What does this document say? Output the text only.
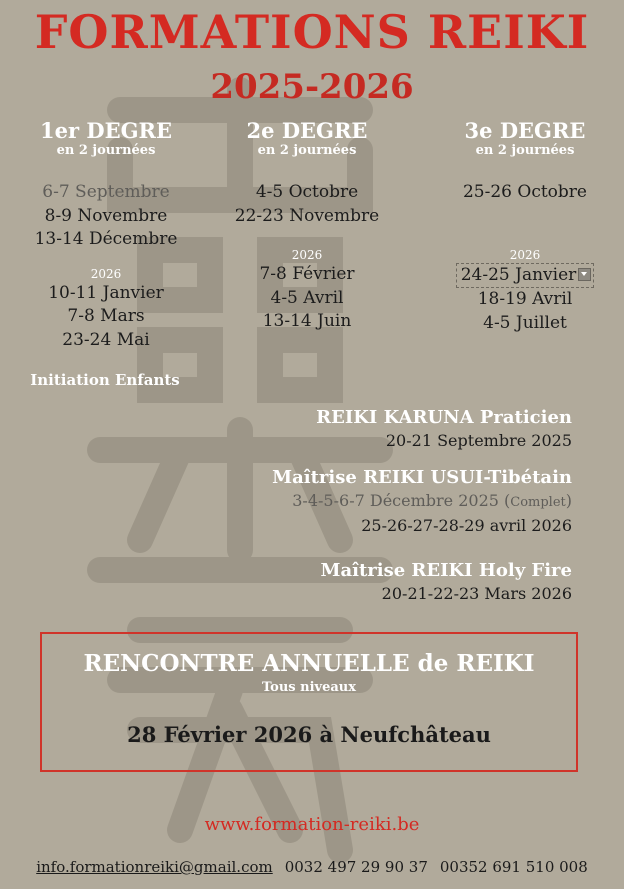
FORMATIONS REIKI
2025-2026
1er DEGRE
en 2 journées
6-7 Septembre
8-9 Novembre
13-14 Décembre
2026
10-11 Janvier
7-8 Mars
23-24 Mai
Initiation Enfants
2e DEGRE
en 2 journées
4-5 Octobre
22-23 Novembre
2026
7-8 Février
4-5 Avril
13-14 Juin
3e DEGRE
en 2 journées
25-26 Octobre
2026
24-25 Janvier
18-19 Avril
4-5 Juillet
REIKI KARUNA Praticien
20-21 Septembre 2025
Maîtrise REIKI USUI-Tibétain
3-4-5-6-7 Décembre 2025 (Complet)
25-26-27-28-29 avril 2026
Maîtrise REIKI Holy Fire
20-21-22-23 Mars 2026
RENCONTRE ANNUELLE de REIKI
Tous niveaux
28 Février 2026 à Neufchâteau
www.formation-reiki.be
info.formationreiki@gmail.com 0032 497 29 90 37 00352 691 510 008
